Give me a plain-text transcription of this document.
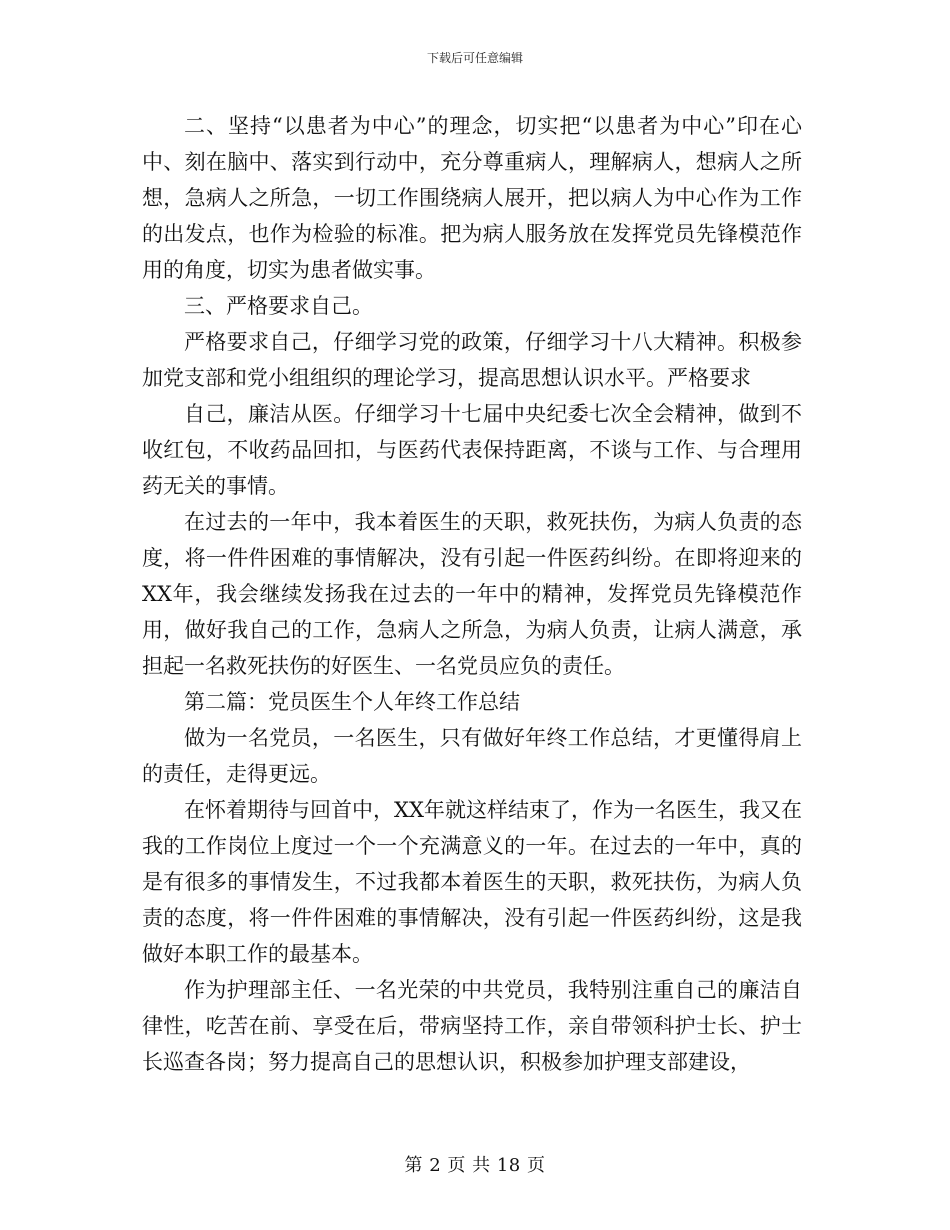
下载后可任意编辑

二、坚持“以患者为中心”的理念，切实把“以患者为中心”印在心中、刻在脑中、落实到行动中，充分尊重病人，理解病人，想病人之所想，急病人之所急，一切工作围绕病人展开，把以病人为中心作为工作的出发点，也作为检验的标准。把为病人服务放在发挥党员先锋模范作用的角度，切实为患者做实事。

三、严格要求自己。

严格要求自己，仔细学习党的政策，仔细学习十八大精神。积极参加党支部和党小组组织的理论学习，提高思想认识水平。严格要求

自己，廉洁从医。仔细学习十七届中央纪委七次全会精神，做到不收红包，不收药品回扣，与医药代表保持距离，不谈与工作、与合理用药无关的事情。

在过去的一年中，我本着医生的天职，救死扶伤，为病人负责的态度，将一件件困难的事情解决，没有引起一件医药纠纷。在即将迎来的XX年，我会继续发扬我在过去的一年中的精神，发挥党员先锋模范作用，做好我自己的工作，急病人之所急，为病人负责，让病人满意，承担起一名救死扶伤的好医生、一名党员应负的责任。

第二篇：党员医生个人年终工作总结

做为一名党员，一名医生，只有做好年终工作总结，才更懂得肩上的责任，走得更远。

在怀着期待与回首中，XX年就这样结束了，作为一名医生，我又在我的工作岗位上度过一个一个充满意义的一年。在过去的一年中，真的是有很多的事情发生，不过我都本着医生的天职，救死扶伤，为病人负责的态度，将一件件困难的事情解决，没有引起一件医药纠纷，这是我做好本职工作的最基本。

作为护理部主任、一名光荣的中共党员，我特别注重自己的廉洁自律性，吃苦在前、享受在后，带病坚持工作，亲自带领科护士长、护士长巡查各岗；努力提高自己的思想认识，积极参加护理支部建设，

第 2 页 共 18 页
